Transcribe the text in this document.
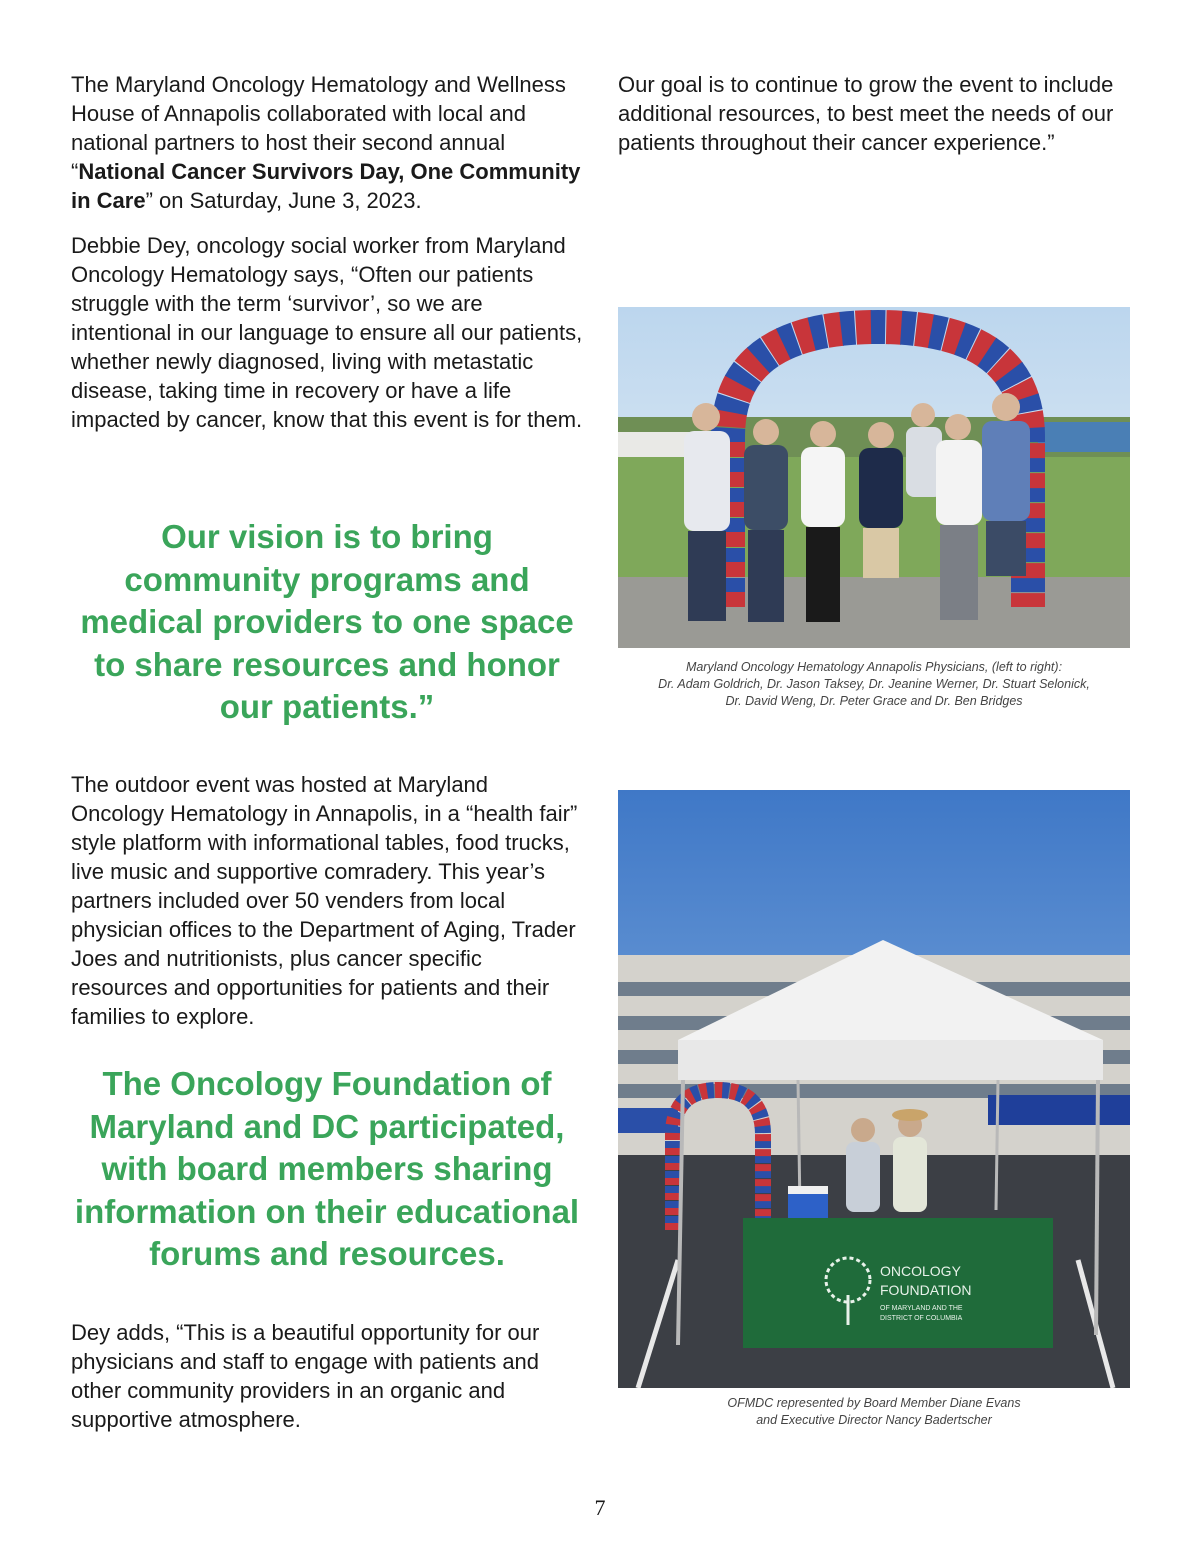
The Maryland Oncology Hematology and Wellness House of Annapolis collaborated with local and national partners to host their second annual “National Cancer Survivors Day, One Community in Care” on Saturday, June 3, 2023.

Debbie Dey, oncology social worker from Maryland Oncology Hematology says, “Often our patients struggle with the term ‘survivor’, so we are intentional in our language to ensure all our patients, whether newly diagnosed, living with metastatic disease, taking time in recovery or have a life impacted by cancer, know that this event is for them.

Our vision is to bring community programs and medical providers to one space to share resources and honor our patients.”

The outdoor event was hosted at Maryland Oncology Hematology in Annapolis, in a “health fair” style platform with informational tables, food trucks, live music and supportive comradery. This year’s partners included over 50 venders from local physician offices to the Department of Aging, Trader Joes and nutritionists, plus cancer specific resources and opportunities for patients and their families to explore.

The Oncology Foundation of Maryland and DC participated, with board members sharing information on their educational forums and resources.

Dey adds, “This is a beautiful opportunity for our physicians and staff to engage with patients and other community providers in an organic and supportive atmosphere.

Our goal is to continue to grow the event to include additional resources, to best meet the needs of our patients throughout their cancer experience.”

Maryland Oncology Hematology Annapolis Physicians, (left to right):
Dr. Adam Goldrich, Dr. Jason Taksey, Dr. Jeanine Werner, Dr. Stuart Selonick,
Dr. David Weng, Dr. Peter Grace and Dr. Ben Bridges
ONCOLOGY
FOUNDATION
OF MARYLAND AND THE
DISTRICT OF COLUMBIA
OFMDC represented by Board Member Diane Evans
and Executive Director Nancy Badertscher
7
